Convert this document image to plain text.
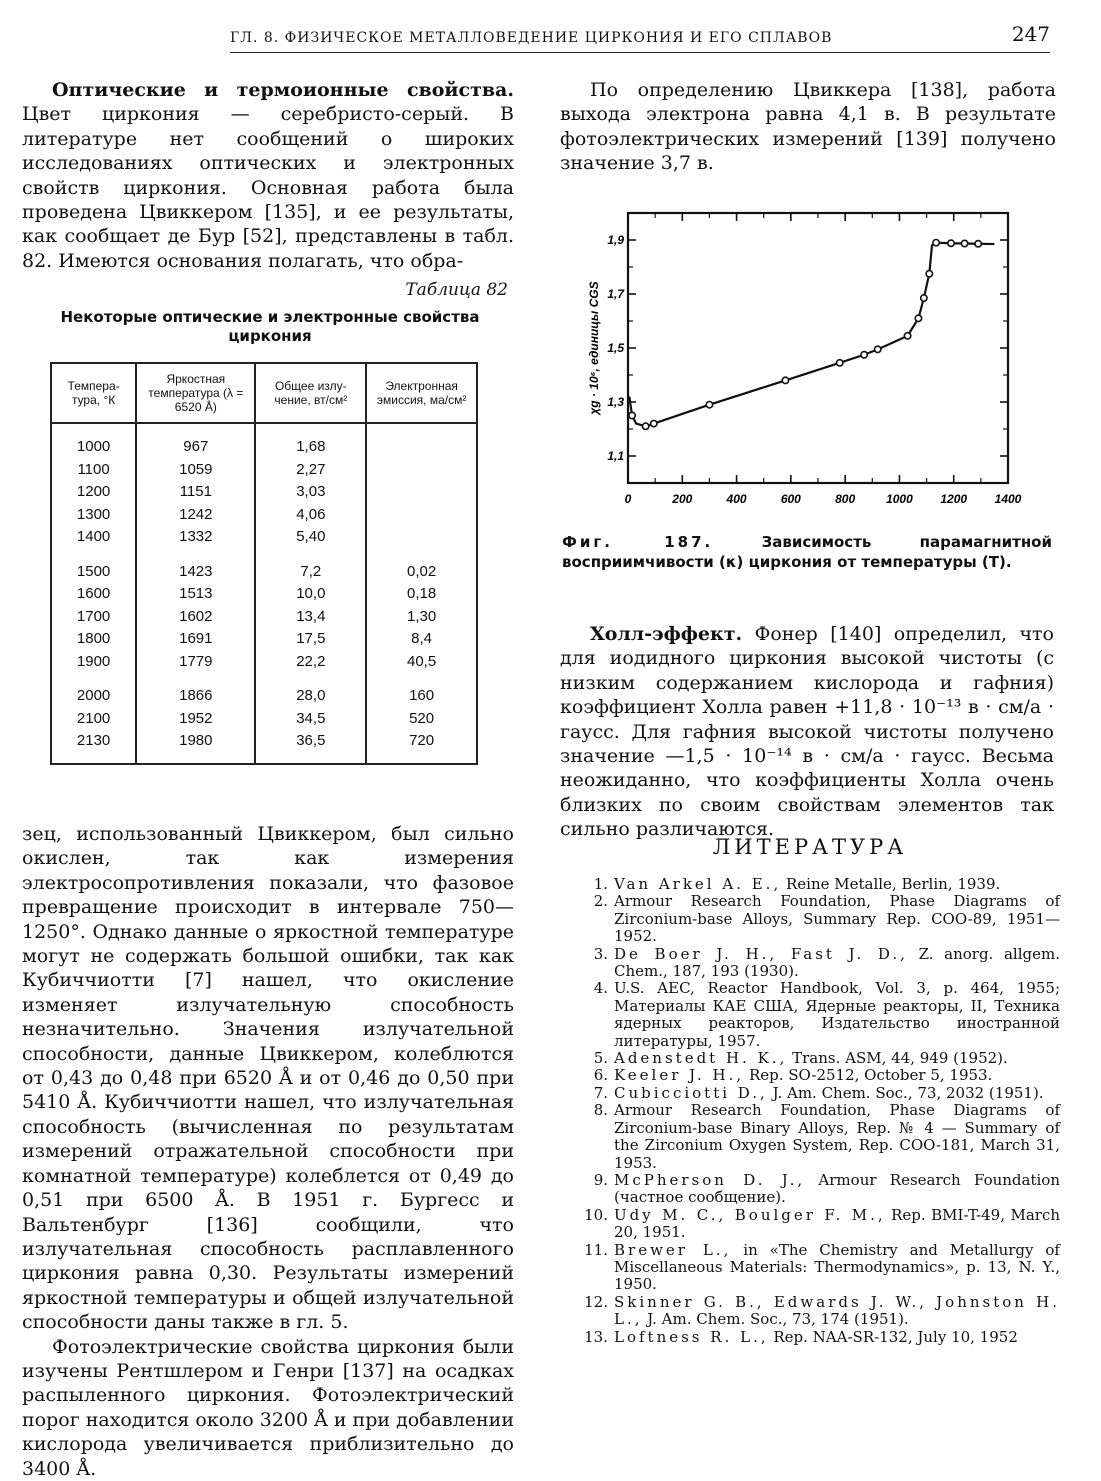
ГЛ. 8. ФИЗИЧЕСКОЕ МЕТАЛЛОВЕДЕНИЕ ЦИРКОНИЯ И ЕГО СПЛАВОВ	247

Оптические и термоионные свойства. Цвет циркония — серебристо-серый. В литературе нет сообщений о широких исследованиях оптических и электронных свойств циркония. Основная работа была проведена Цвиккером [135], и ее результаты, как сообщает де Бур [52], представлены в табл. 82. Имеются основания полагать, что обра-

Таблица 82
Некоторые оптические и электронные свойства циркония
Темпера-тура, °К	Яркостная температура (λ = 6520 Å)	Общее излу-чение, вт/см²	Электронная эмиссия, ма/см²
1000	967	1,68	
1100	1059	2,27	
1200	1151	3,03	
1300	1242	4,06	
1400	1332	5,40	
1500	1423	7,2	0,02
1600	1513	10,0	0,18
1700	1602	13,4	1,30
1800	1691	17,5	8,4
1900	1779	22,2	40,5
2000	1866	28,0	160
2100	1952	34,5	520
2130	1980	36,5	720

зец, использованный Цвиккером, был сильно окислен, так как измерения электросопротивления показали, что фазовое превращение происходит в интервале 750—1250°. Однако данные о яркостной температуре могут не содержать большой ошибки, так как Кубиччиотти [7] нашел, что окисление изменяет излучательную способность незначительно. Значения излучательной способности, данные Цвиккером, колеблются от 0,43 до 0,48 при 6520 Å и от 0,46 до 0,50 при 5410 Å. Кубиччиотти нашел, что излучательная способность (вычисленная по результатам измерений отражательной способности при комнатной температуре) колеблется от 0,49 до 0,51 при 6500 Å. В 1951 г. Бургесс и Вальтенбург [136] сообщили, что излучательная способность расплавленного циркония равна 0,30. Результаты измерений яркостной температуры и общей излучательной способности даны также в гл. 5.

Фотоэлектрические свойства циркония были изучены Рентшлером и Генри [137] на осадках распыленного циркония. Фотоэлектрический порог находится около 3200 Å и при добавлении кислорода увеличивается приблизительно до 3400 Å.

По определению Цвиккера [138], работа выхода электрона равна 4,1 в. В результате фотоэлектрических измерений [139] получено значение 3,7 в.

0	200	400	600	800	1000 1200 1400
1,1
1,3
1,5
1,7
1,9
χg · 10⁶, единицы CGS
Фиг. 187.	Зависимость парамагнитной восприимчивости (κ) циркония от температуры (T).

Холл-эффект. Фонер [140] определил, что для иодидного циркония высокой чистоты (с низким содержанием кислорода и гафния) коэффициент Холла равен +11,8 · 10⁻¹³ в · см/а · гаусс. Для гафния высокой чистоты получено значение —1,5 · 10⁻¹⁴ в · см/а · гаусс. Весьма неожиданно, что коэффициенты Холла очень близких по своим свойствам элементов так сильно различаются.

ЛИТЕРАТУРА
1. Van Arkel A. E., Reine Metalle, Berlin, 1939.
2. Armour Research Foundation, Phase Diagrams of Zirconium-base Alloys, Summary Rep. COO-89, 1951—1952.
3. De Boer J. H., Fast J. D., Z. anorg. allgem. Chem., 187, 193 (1930).
4. U.S. AEC, Reactor Handbook, Vol. 3, p. 464, 1955; Материалы КАЕ США, Ядерные реакторы, II, Техника ядерных реакторов, Издательство иностранной литературы, 1957.
5. Adenstedt H. K., Trans. ASM, 44, 949 (1952).
6. Keeler J. H., Rep. SO-2512, October 5, 1953.
7. Cubicciotti D., J. Am. Chem. Soc., 73, 2032 (1951).
8. Armour Research Foundation, Phase Diagrams of Zirconium-base Binary Alloys, Rep. № 4 — Summary of the Zirconium Oxygen System, Rep. COO-181, March 31, 1953.
9. McPherson D. J., Armour Research Foundation (частное сообщение).
10. Udy M. C., Boulger F. M., Rep. BMI-T-49, March 20, 1951.
11. Brewer L., in «The Chemistry and Metallurgy of Miscellaneous Materials: Thermodynamics», p. 13, N. Y., 1950.
12. Skinner G. B., Edwards J. W., Johnston H. L., J. Am. Chem. Soc., 73, 174 (1951).
13. Loftness R. L., Rep. NAA-SR-132, July 10, 1952
